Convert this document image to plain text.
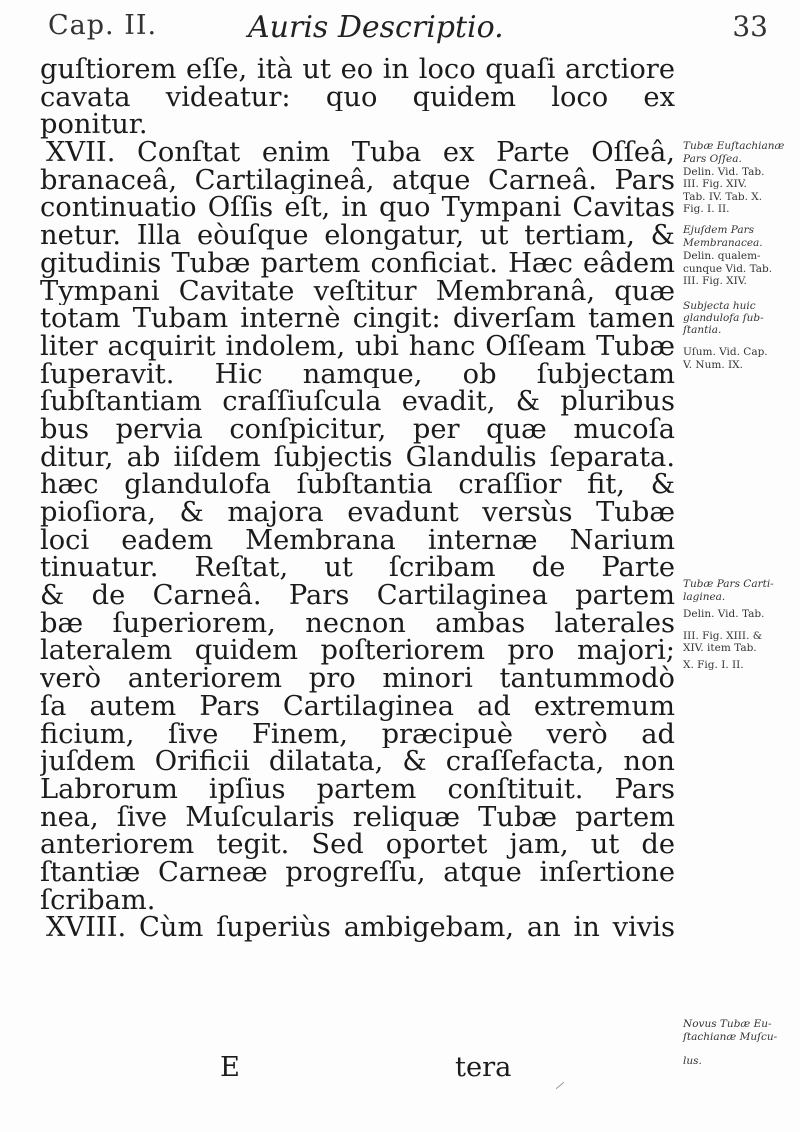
Cap. II.	Auris Descriptio.	33
guſtiorem eſſe, ità ut eo in loco quaſi arctiore
cavata videatur: quo quidem loco ex
ponitur.
XVII. Conſtat enim Tuba ex Parte Oſſeâ,
branaceâ, Cartilagineâ, atque Carneâ. Pars
continuatio Oſſis eſt, in quo Tympani Cavitas
netur. Illa eòuſque elongatur, ut tertiam, &
gitudinis Tubæ partem conficiat. Hæc eâdem
Tympani Cavitate veſtitur Membranâ, quæ
totam Tubam internè cingit: diverſam tamen
liter acquirit indolem, ubi hanc Oſſeam Tubæ
ſuperavit. Hic namque, ob ſubjectam
ſubſtantiam craſſiuſcula evadit, & pluribus
bus pervia conſpicitur, per quæ mucoſa
ditur, ab iiſdem ſubjectis Glandulis ſeparata.
hæc glandulofa ſubſtantia craſſior fit, &
pioſiora, & majora evadunt versùs Tubæ
loci eadem Membrana internæ Narium
tinuatur. Reſtat, ut ſcribam de Parte
& de Carneâ. Pars Cartilaginea partem
bæ ſuperiorem, necnon ambas laterales
lateralem quidem poſteriorem pro majori;
verò anteriorem pro minori tantummodò
ſa autem Pars Cartilaginea ad extremum
ficium, ſive Finem, præcipuè verò ad
juſdem Orificii dilatata, & craſſefacta, non
Labrorum ipſius partem conſtituit. Pars
nea, ſive Muſcularis reliquæ Tubæ partem
anteriorem tegit. Sed oportet jam, ut de
ſtantiæ Carneæ progreſſu, atque inſertione
ſcribam.
XVIII. Cùm ſuperiùs ambigebam, an in vivis
E	tera
Tubæ Euſtachianæ
Pars Oſſea.
Delin. Vid. Tab.
III. Fig. XIV.
Tab. IV. Tab. X.
Fig. I. II.
Ejuſdem Pars
Membranacea.
Delin. qualem-
cunque Vid. Tab.
III. Fig. XIV.
Subjecta huic
glandulofa ſub-
ſtantia.
Uſum. Vid. Cap.
V. Num. IX.
Tubæ Pars Carti-
laginea.
Delin. Vid. Tab.
III. Fig. XIII. &
XIV. item Tab.
X. Fig. I. II.
Novus Tubæ Eu-
ſtachianæ Muſcu-
lus.
